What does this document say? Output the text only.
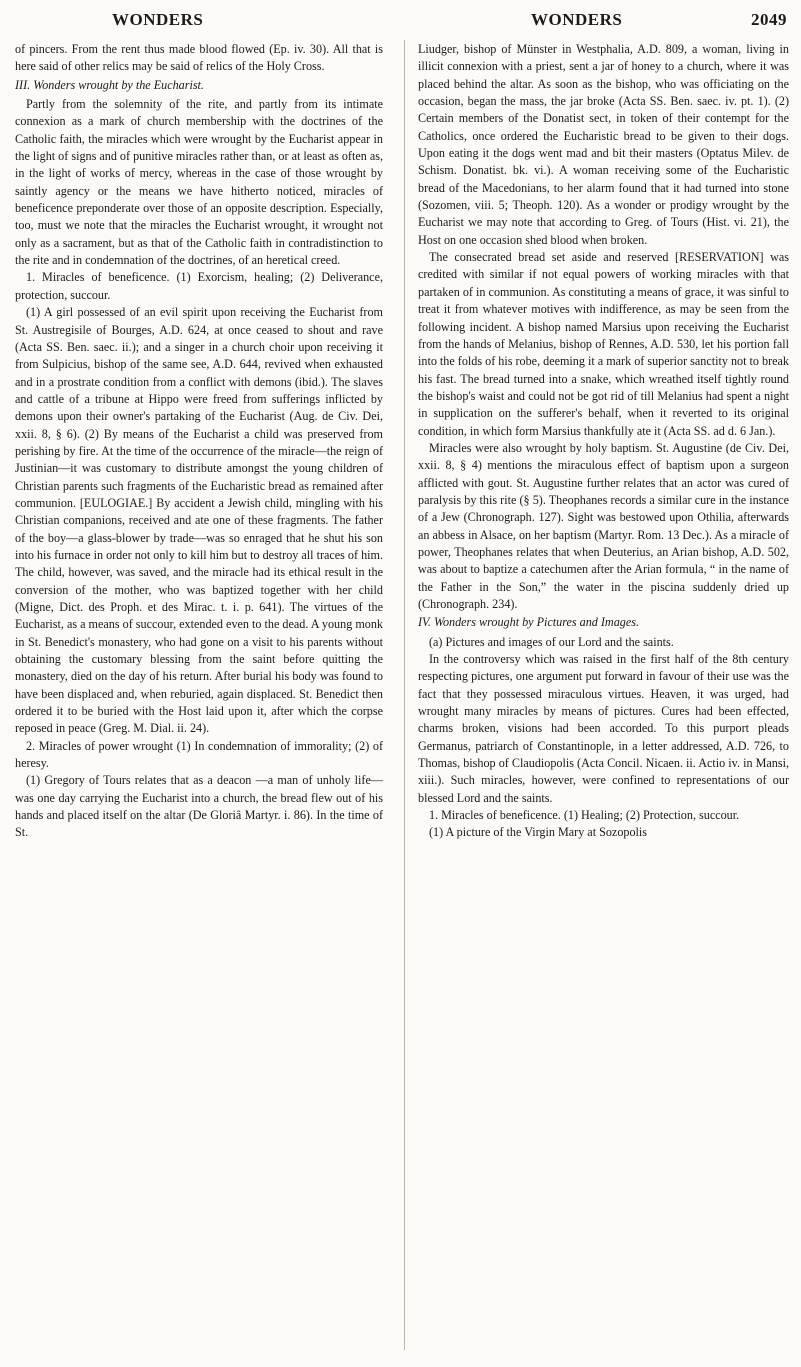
WONDERS	WONDERS	2049

of pincers. From the rent thus made blood flowed (Ep. iv. 30). All that is here said of other relics may be said of relics of the Holy Cross.

III. Wonders wrought by the Eucharist.

Partly from the solemnity of the rite, and partly from its intimate connexion as a mark of church membership with the doctrines of the Catholic faith, the miracles which were wrought by the Eucharist appear in the light of signs and of punitive miracles rather than, or at least as often as, in the light of works of mercy, whereas in the case of those wrought by saintly agency or the means we have hitherto noticed, miracles of beneficence preponderate over those of an opposite description. Especially, too, must we note that the miracles the Eucharist wrought, it wrought not only as a sacrament, but as that of the Catholic faith in contradistinction to the rite and in condemnation of the doctrines, of an heretical creed.

1. Miracles of beneficence. (1) Exorcism, healing; (2) Deliverance, protection, succour.

(1) A girl possessed of an evil spirit upon receiving the Eucharist from St. Austregisile of Bourges, A.D. 624, at once ceased to shout and rave (Acta SS. Ben. saec. ii.); and a singer in a church choir upon receiving it from Sulpicius, bishop of the same see, A.D. 644, revived when exhausted and in a prostrate condition from a conflict with demons (ibid.). The slaves and cattle of a tribune at Hippo were freed from sufferings inflicted by demons upon their owner's partaking of the Eucharist (Aug. de Civ. Dei, xxii. 8, § 6). (2) By means of the Eucharist a child was preserved from perishing by fire. At the time of the occurrence of the miracle—the reign of Justinian—it was customary to distribute amongst the young children of Christian parents such fragments of the Eucharistic bread as remained after communion. [EULOGIAE.] By accident a Jewish child, mingling with his Christian companions, received and ate one of these fragments. The father of the boy—a glass-blower by trade—was so enraged that he shut his son into his furnace in order not only to kill him but to destroy all traces of him. The child, however, was saved, and the miracle had its ethical result in the conversion of the mother, who was baptized together with her child (Migne, Dict. des Proph. et des Mirac. t. i. p. 641). The virtues of the Eucharist, as a means of succour, extended even to the dead. A young monk in St. Benedict's monastery, who had gone on a visit to his parents without obtaining the customary blessing from the saint before quitting the monastery, died on the day of his return. After burial his body was found to have been displaced and, when reburied, again displaced. St. Benedict then ordered it to be buried with the Host laid upon it, after which the corpse reposed in peace (Greg. M. Dial. ii. 24).

2. Miracles of power wrought (1) In condemnation of immorality; (2) of heresy.

(1) Gregory of Tours relates that as a deacon —a man of unholy life—was one day carrying the Eucharist into a church, the bread flew out of his hands and placed itself on the altar (De Gloriâ Martyr. i. 86). In the time of St.

Liudger, bishop of Münster in Westphalia, A.D. 809, a woman, living in illicit connexion with a priest, sent a jar of honey to a church, where it was placed behind the altar. As soon as the bishop, who was officiating on the occasion, began the mass, the jar broke (Acta SS. Ben. saec. iv. pt. 1). (2) Certain members of the Donatist sect, in token of their contempt for the Catholics, once ordered the Eucharistic bread to be given to their dogs. Upon eating it the dogs went mad and bit their masters (Optatus Milev. de Schism. Donatist. bk. vi.). A woman receiving some of the Eucharistic bread of the Macedonians, to her alarm found that it had turned into stone (Sozomen, viii. 5; Theoph. 120). As a wonder or prodigy wrought by the Eucharist we may note that according to Greg. of Tours (Hist. vi. 21), the Host on one occasion shed blood when broken.

The consecrated bread set aside and reserved [RESERVATION] was credited with similar if not equal powers of working miracles with that partaken of in communion. As constituting a means of grace, it was sinful to treat it from whatever motives with indifference, as may be seen from the following incident. A bishop named Marsius upon receiving the Eucharist from the hands of Melanius, bishop of Rennes, A.D. 530, let his portion fall into the folds of his robe, deeming it a mark of superior sanctity not to break his fast. The bread turned into a snake, which wreathed itself tightly round the bishop's waist and could not be got rid of till Melanius had spent a night in supplication on the sufferer's behalf, when it reverted to its original condition, in which form Marsius thankfully ate it (Acta SS. ad d. 6 Jan.).

Miracles were also wrought by holy baptism. St. Augustine (de Civ. Dei, xxii. 8, § 4) mentions the miraculous effect of baptism upon a surgeon afflicted with gout. St. Augustine further relates that an actor was cured of paralysis by this rite (§ 5). Theophanes records a similar cure in the instance of a Jew (Chronograph. 127). Sight was bestowed upon Othilia, afterwards an abbess in Alsace, on her baptism (Martyr. Rom. 13 Dec.). As a miracle of power, Theophanes relates that when Deuterius, an Arian bishop, A.D. 502, was about to baptize a catechumen after the Arian formula, “ in the name of the Father in the Son,” the water in the piscina suddenly dried up (Chronograph. 234).

IV. Wonders wrought by Pictures and Images.

(a) Pictures and images of our Lord and the saints.

In the controversy which was raised in the first half of the 8th century respecting pictures, one argument put forward in favour of their use was the fact that they possessed miraculous virtues. Heaven, it was urged, had wrought many miracles by means of pictures. Cures had been effected, charms broken, visions had been accorded. To this purport pleads Germanus, patriarch of Constantinople, in a letter addressed, A.D. 726, to Thomas, bishop of Claudiopolis (Acta Concil. Nicaen. ii. Actio iv. in Mansi, xiii.). Such miracles, however, were confined to representations of our blessed Lord and the saints.

1. Miracles of beneficence. (1) Healing; (2) Protection, succour.

(1) A picture of the Virgin Mary at Sozopolis
